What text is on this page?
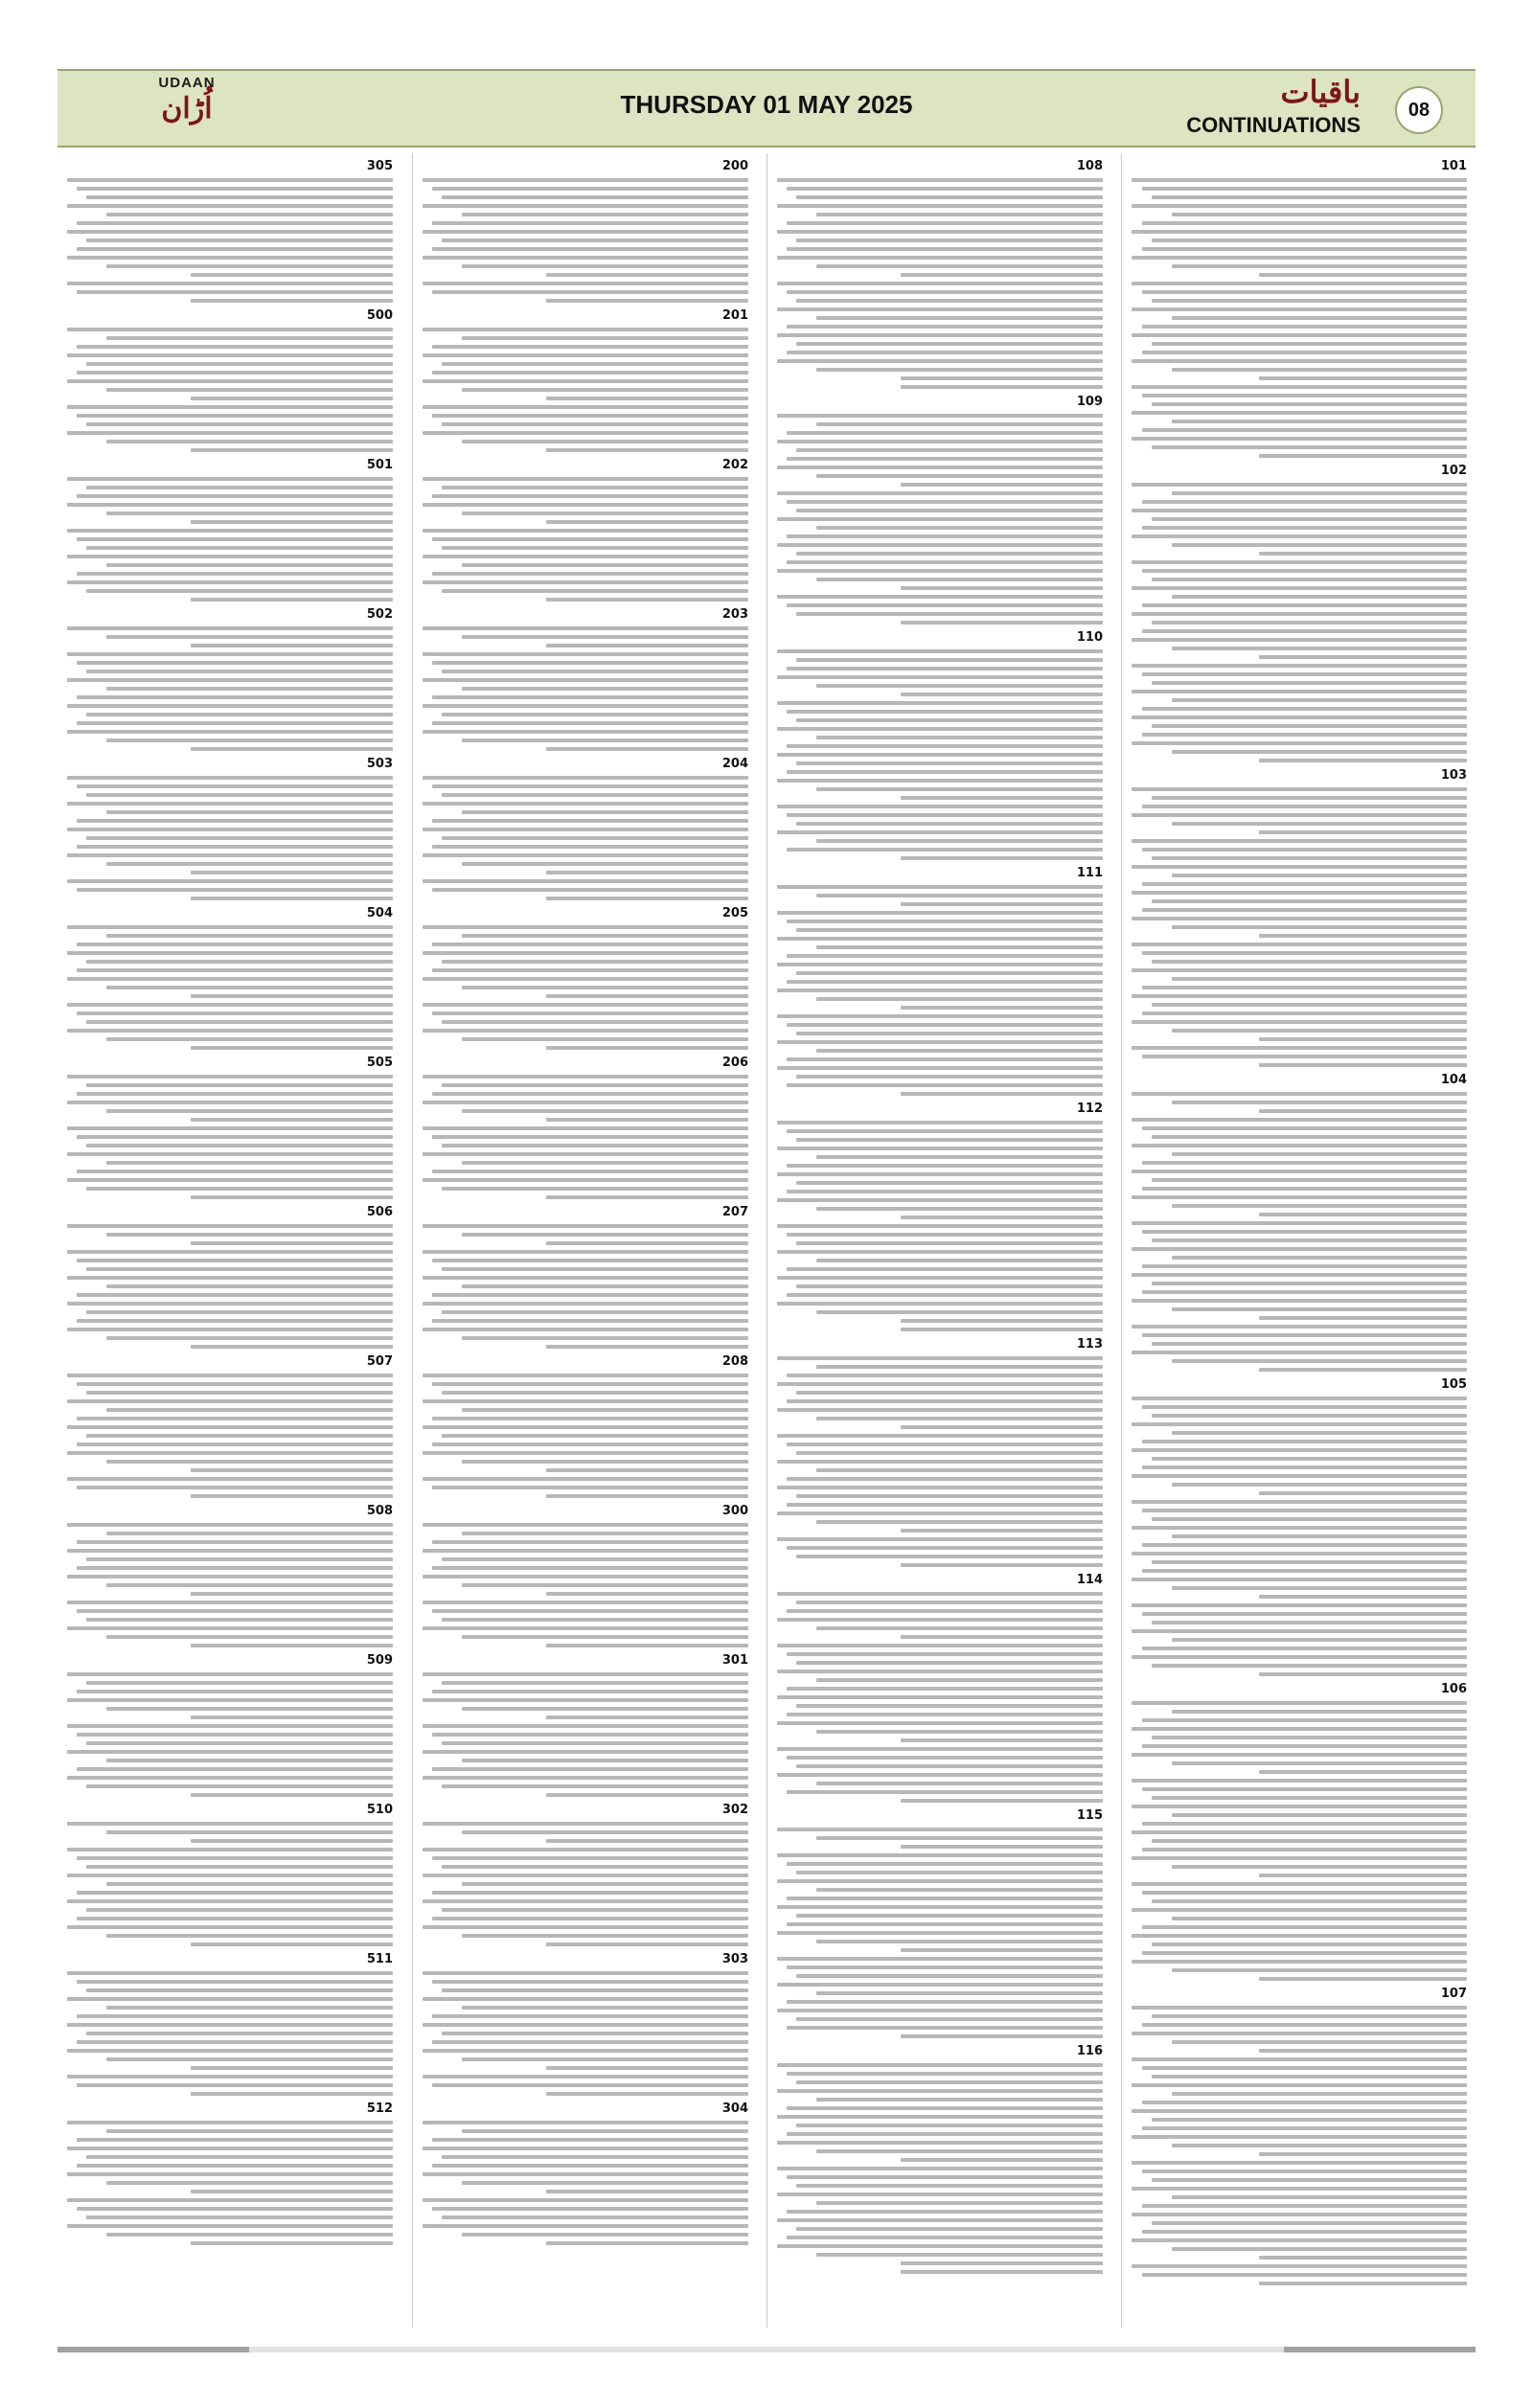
UDAAN
اُڑان	THURSDAY 01 MAY 2025	باقیات
CONTINUATIONS
08
305
500
501
502
503
504
505
506
507
508
509
510
511
512
200
201
202
203
204
205
206
207
208
300
301
302
303
304
108
109
110
111
112
113
114
115
116
101
102
103
104
105
106
107
